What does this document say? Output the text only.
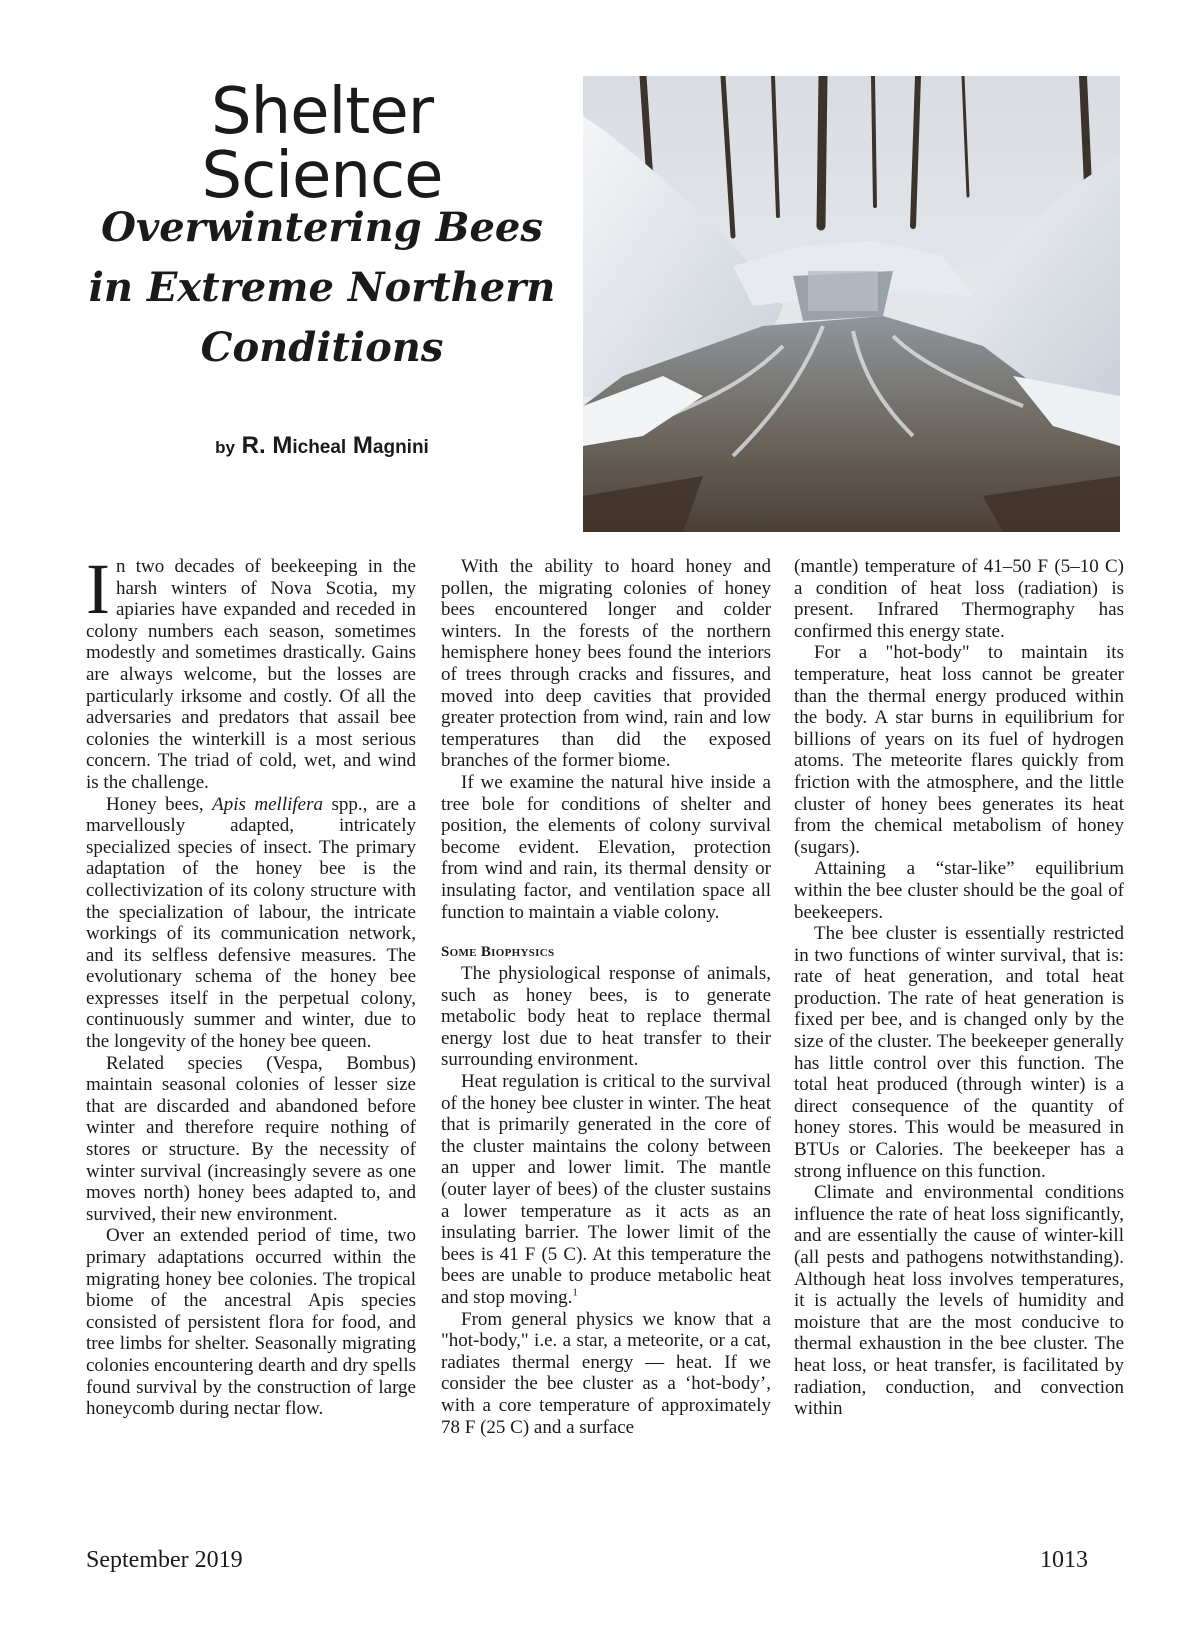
Shelter Science
Overwintering Bees
in Extreme Northern
Conditions

by R. Micheal Magnini

In two decades of beekeeping in the harsh winters of Nova Scotia, my apiaries have expanded and receded in colony numbers each season, sometimes modestly and sometimes drastically. Gains are always welcome, but the losses are particularly irksome and costly. Of all the adversaries and predators that assail bee colonies the winterkill is a most serious concern. The triad of cold, wet, and wind is the challenge.

Honey bees, Apis mellifera spp., are a marvellously adapted, intricately specialized species of insect. The primary adaptation of the honey bee is the collectivization of its colony structure with the specialization of labour, the intricate workings of its communication network, and its selfless defensive measures. The evolutionary schema of the honey bee expresses itself in the perpetual colony, continuously summer and winter, due to the longevity of the honey bee queen.

Related species (Vespa, Bombus) maintain seasonal colonies of lesser size that are discarded and abandoned before winter and therefore require nothing of stores or structure. By the necessity of winter survival (increasingly severe as one moves north) honey bees adapted to, and survived, their new environment.

Over an extended period of time, two primary adaptations occurred within the migrating honey bee colonies. The tropical biome of the ancestral Apis species consisted of persistent flora for food, and tree limbs for shelter. Seasonally migrating colonies encountering dearth and dry spells found survival by the construction of large honeycomb during nectar flow.

With the ability to hoard honey and pollen, the migrating colonies of honey bees encountered longer and colder winters. In the forests of the northern hemisphere honey bees found the interiors of trees through cracks and fissures, and moved into deep cavities that provided greater protection from wind, rain and low temperatures than did the exposed branches of the former biome.

If we examine the natural hive inside a tree bole for conditions of shelter and position, the elements of colony survival become evident. Elevation, protection from wind and rain, its thermal density or insulating factor, and ventilation space all function to maintain a viable colony.

Some Biophysics

The physiological response of animals, such as honey bees, is to generate metabolic body heat to replace thermal energy lost due to heat transfer to their surrounding environment.

Heat regulation is critical to the survival of the honey bee cluster in winter. The heat that is primarily generated in the core of the cluster maintains the colony between an upper and lower limit. The mantle (outer layer of bees) of the cluster sustains a lower temperature as it acts as an insulating barrier. The lower limit of the bees is 41 F (5 C). At this temperature the bees are unable to produce metabolic heat and stop moving.$^1$

From general physics we know that a "hot-body," i.e. a star, a meteorite, or a cat, radiates thermal energy — heat. If we consider the bee cluster as a ‘hot-body’, with a core temperature of approximately 78 F (25 C) and a surface

(mantle) temperature of 41–50 F (5–10 C) a condition of heat loss (radiation) is present. Infrared Thermography has confirmed this energy state.

For a "hot-body" to maintain its temperature, heat loss cannot be greater than the thermal energy produced within the body. A star burns in equilibrium for billions of years on its fuel of hydrogen atoms. The meteorite flares quickly from friction with the atmosphere, and the little cluster of honey bees generates its heat from the chemical metabolism of honey (sugars).

Attaining a “star-like” equilibrium within the bee cluster should be the goal of beekeepers.

The bee cluster is essentially restricted in two functions of winter survival, that is: rate of heat generation, and total heat production. The rate of heat generation is fixed per bee, and is changed only by the size of the cluster. The beekeeper generally has little control over this function. The total heat produced (through winter) is a direct consequence of the quantity of honey stores. This would be measured in BTUs or Calories. The beekeeper has a strong influence on this function.

Climate and environmental conditions influence the rate of heat loss significantly, and are essentially the cause of winter-kill (all pests and pathogens notwithstanding). Although heat loss involves temperatures, it is actually the levels of humidity and moisture that are the most conducive to thermal exhaustion in the bee cluster. The heat loss, or heat transfer, is facilitated by radiation, conduction, and convection within

September 2019	1013
